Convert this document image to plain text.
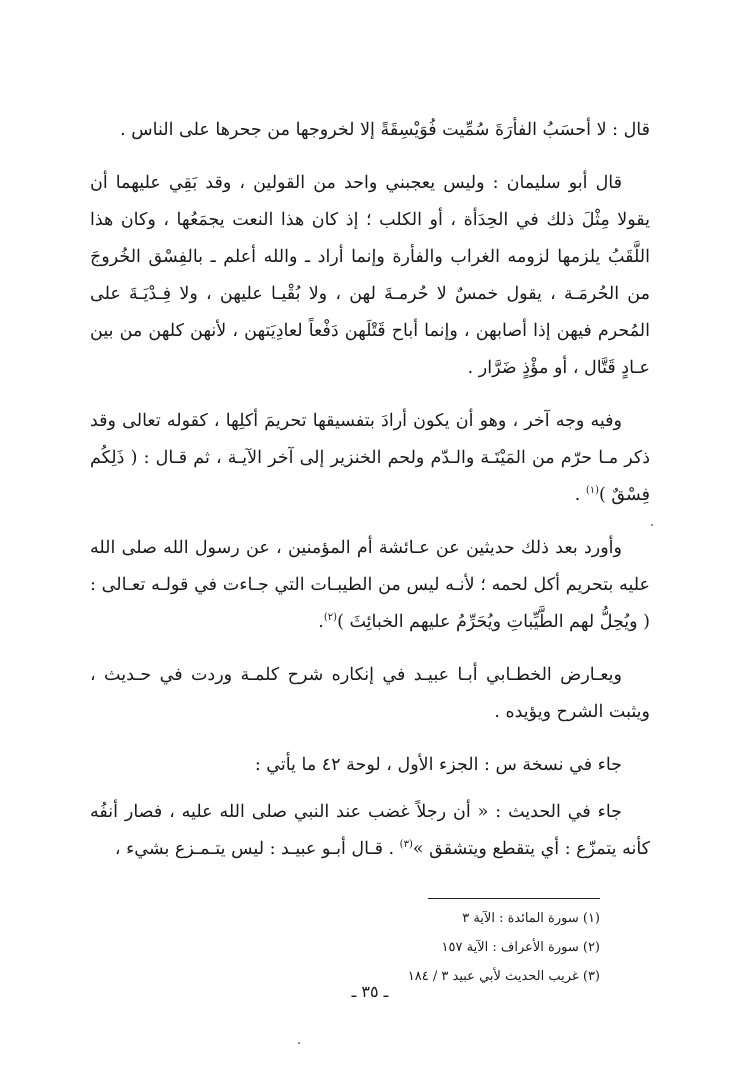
قال : لا أحسَبُ الفأرَةَ سُمِّيت فُوَيْسِقَةً إلا لخروجها من جحرها على الناس .

قال أبو سليمان : وليس يعجبني واحد من القولين ، وقد بَقِي عليهما أن يقولا مِثْلَ ذلك في الحِدَأة ، أو الكلب ؛ إذ كان هذا النعت يجمَعُها ، وكان هذا اللَّقَبُ يلزمها لزومه الغراب والفأرة وإنما أراد ـ والله أعلم ـ بالفِسْق الخُروجَ من الحُرمَـة ، يقول خمسٌ لا حُرمـةَ لهن ، ولا بُقْيـا عليهن ، ولا فِـدْيَـةَ على المُحرم فيهن إذا أصابهن ، وإنما أباح قَتْلَهن دَفْعاً لعادِيَتهن ، لأنهن كلهن من بين عـادٍ قَتَّال ، أو مؤْذٍ ضَرَّار .

وفيه وجه آخر ، وهو أن يكون أرادَ بتفسيقها تحريمَ أكلِها ، كقوله تعالى وقد ذكر مـا حرّم من المَيْتَـة والـدّم ولحم الخنزير إلى آخر الآيـة ، ثم قـال : ( ذَلِكُم فِسْقٌ )$^{(١)}$ .

وأورد بعد ذلك حديثين عن عـائشة أم المؤمنين ، عن رسول الله صلى الله عليه بتحريم أكل لحمه ؛ لأنـه ليس من الطيبـات التي جـاءت في قولـه تعـالى : ( ويُحِلُّ لهم الطَّيِّباتِ ويُحَرِّمُ عليهم الخبائِثَ )$^{(٢)}$.

ويعـارض الخطـابي أبـا عبيـد في إنكاره شرح كلمـة وردت في حـديث ، ويثبت الشرح ويؤيده .

جاء في نسخة س : الجزء الأول ، لوحة ٤٢ ما يأتي :

جاء في الحديث : « أن رجلاً غضب عند النبي صلى الله عليه ، فصار أنفُه كأنه يتمزّع : أي يتقطع ويتشقق »$^{(٣)}$ . قـال أبـو عبيـد : ليس يتـمـزع بشيء ،

(١) سورة المائدة : الآية ٣

(٢) سورة الأعراف : الآية ١٥٧

(٣) غريب الحديث لأبي عبيد ٣ / ١٨٤

ـ ٣٥ ـ
